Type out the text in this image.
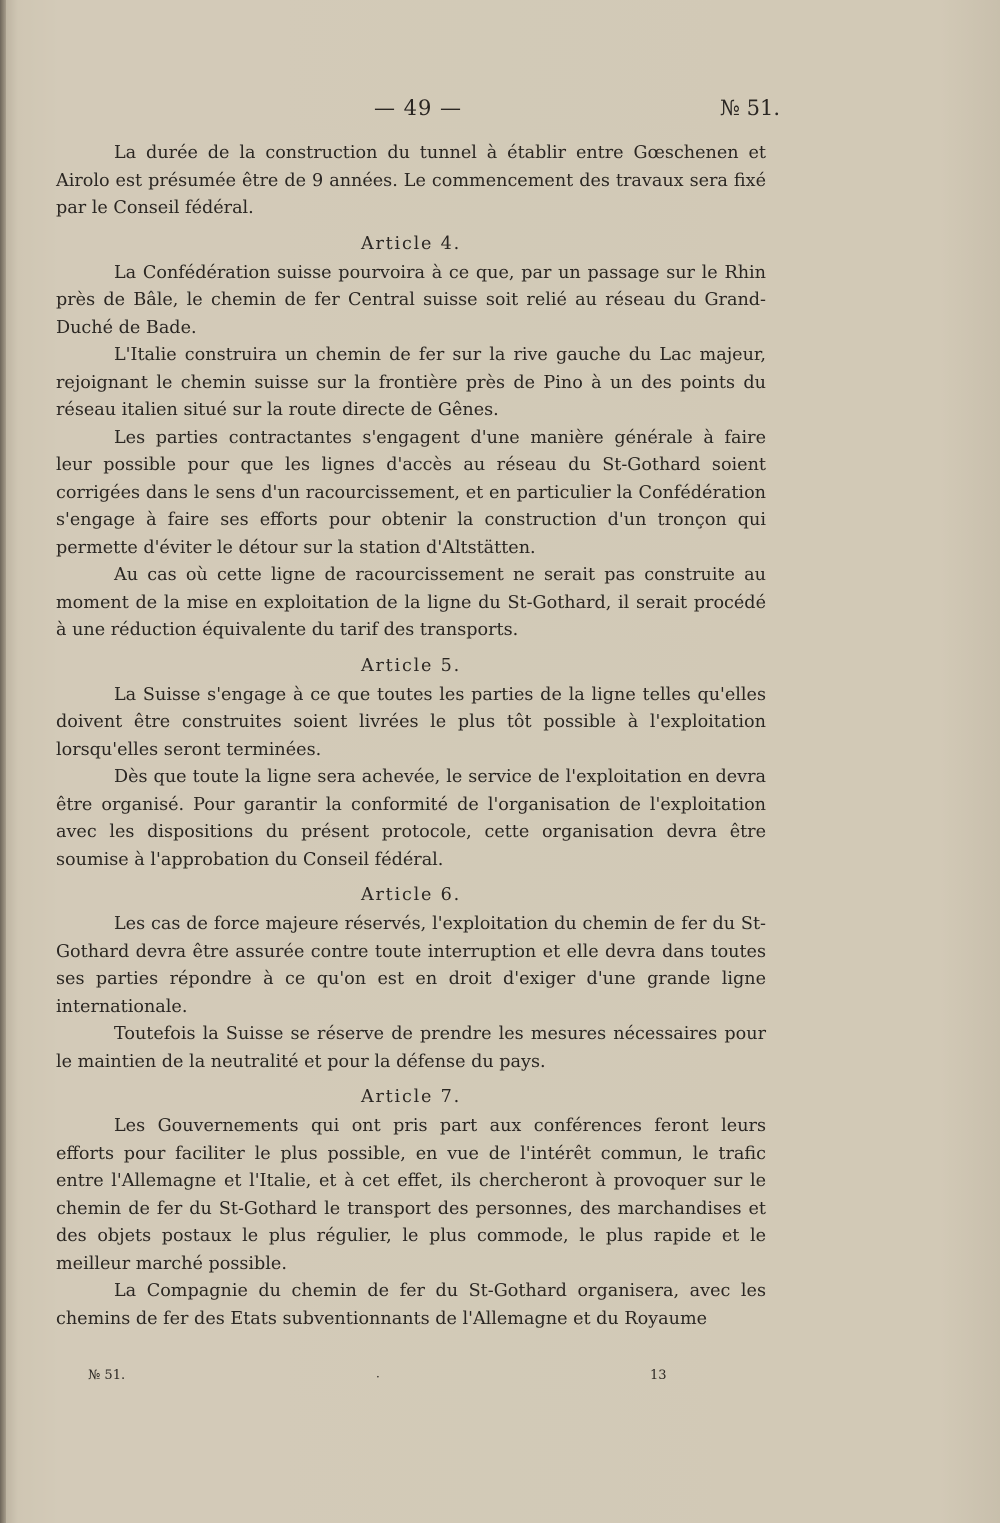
— 49 —	№ 51.

La durée de la construction du tunnel à établir entre Gœschenen et Airolo est présumée être de 9 années. Le commencement des travaux sera fixé par le Conseil fédéral.

Article 4.

La Confédération suisse pourvoira à ce que, par un passage sur le Rhin près de Bâle, le chemin de fer Central suisse soit relié au réseau du Grand-Duché de Bade.

L'Italie construira un chemin de fer sur la rive gauche du Lac majeur, rejoignant le chemin suisse sur la frontière près de Pino à un des points du réseau italien situé sur la route directe de Gênes.

Les parties contractantes s'engagent d'une manière générale à faire leur possible pour que les lignes d'accès au réseau du St-Gothard soient corrigées dans le sens d'un racourcissement, et en particulier la Confédération s'engage à faire ses efforts pour obtenir la construction d'un tronçon qui permette d'éviter le détour sur la station d'Altstätten.

Au cas où cette ligne de racourcissement ne serait pas construite au moment de la mise en exploitation de la ligne du St-Gothard, il serait procédé à une réduction équivalente du tarif des transports.

Article 5.

La Suisse s'engage à ce que toutes les parties de la ligne telles qu'elles doivent être construites soient livrées le plus tôt possible à l'exploitation lorsqu'elles seront terminées.

Dès que toute la ligne sera achevée, le service de l'exploitation en devra être organisé. Pour garantir la conformité de l'organisation de l'exploitation avec les dispositions du présent protocole, cette organisation devra être soumise à l'approbation du Conseil fédéral.

Article 6.

Les cas de force majeure réservés, l'exploitation du chemin de fer du St-Gothard devra être assurée contre toute interruption et elle devra dans toutes ses parties répondre à ce qu'on est en droit d'exiger d'une grande ligne internationale.

Toutefois la Suisse se réserve de prendre les mesures nécessaires pour le maintien de la neutralité et pour la défense du pays.

Article 7.

Les Gouvernements qui ont pris part aux conférences feront leurs efforts pour faciliter le plus possible, en vue de l'intérêt commun, le trafic entre l'Allemagne et l'Italie, et à cet effet, ils chercheront à provoquer sur le chemin de fer du St-Gothard le transport des personnes, des marchandises et des objets postaux le plus régulier, le plus commode, le plus rapide et le meilleur marché possible.

La Compagnie du chemin de fer du St-Gothard organisera, avec les chemins de fer des Etats subventionnants de l'Allemagne et du Royaume

№ 51.	·	13
